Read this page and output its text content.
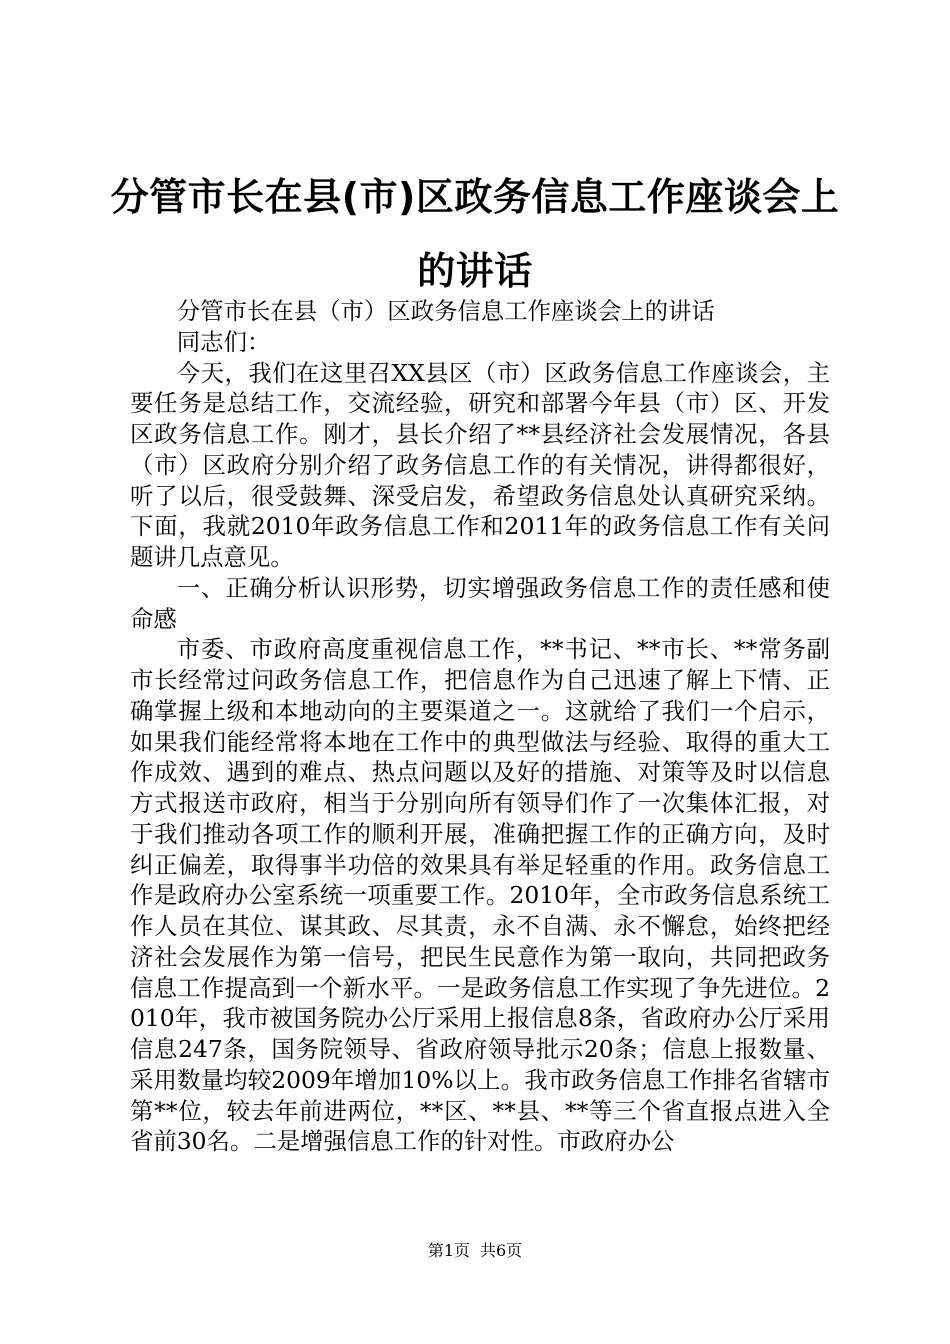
分管市长在县(市)区政务信息工作座谈会上的讲话

分管市长在县（市）区政务信息工作座谈会上的讲话

同志们：

今天，我们在这里召XX县区（市）区政务信息工作座谈会，主要任务是总结工作，交流经验，研究和部署今年县（市）区、开发区政务信息工作。刚才，县长介绍了**县经济社会发展情况，各县（市）区政府分别介绍了政务信息工作的有关情况，讲得都很好，听了以后，很受鼓舞、深受启发，希望政务信息处认真研究采纳。下面，我就2010年政务信息工作和2011年的政务信息工作有关问题讲几点意见。

一、正确分析认识形势，切实增强政务信息工作的责任感和使命感

市委、市政府高度重视信息工作，**书记、**市长、**常务副市长经常过问政务信息工作，把信息作为自己迅速了解上下情、正确掌握上级和本地动向的主要渠道之一。这就给了我们一个启示，如果我们能经常将本地在工作中的典型做法与经验、取得的重大工作成效、遇到的难点、热点问题以及好的措施、对策等及时以信息方式报送市政府，相当于分别向所有领导们作了一次集体汇报，对于我们推动各项工作的顺利开展，准确把握工作的正确方向，及时纠正偏差，取得事半功倍的效果具有举足轻重的作用。政务信息工作是政府办公室系统一项重要工作。2010年，全市政务信息系统工作人员在其位、谋其政、尽其责，永不自满、永不懈怠，始终把经济社会发展作为第一信号，把民生民意作为第一取向，共同把政务信息工作提高到一个新水平。一是政务信息工作实现了争先进位。2010年，我市被国务院办公厅采用上报信息8条，省政府办公厅采用信息247条，国务院领导、省政府领导批示20条；信息上报数量、采用数量均较2009年增加10%以上。我市政务信息工作排名省辖市第**位，较去年前进两位，**区、**县、**等三个省直报点进入全省前30名。二是增强信息工作的针对性。市政府办公

第1页 共6页
